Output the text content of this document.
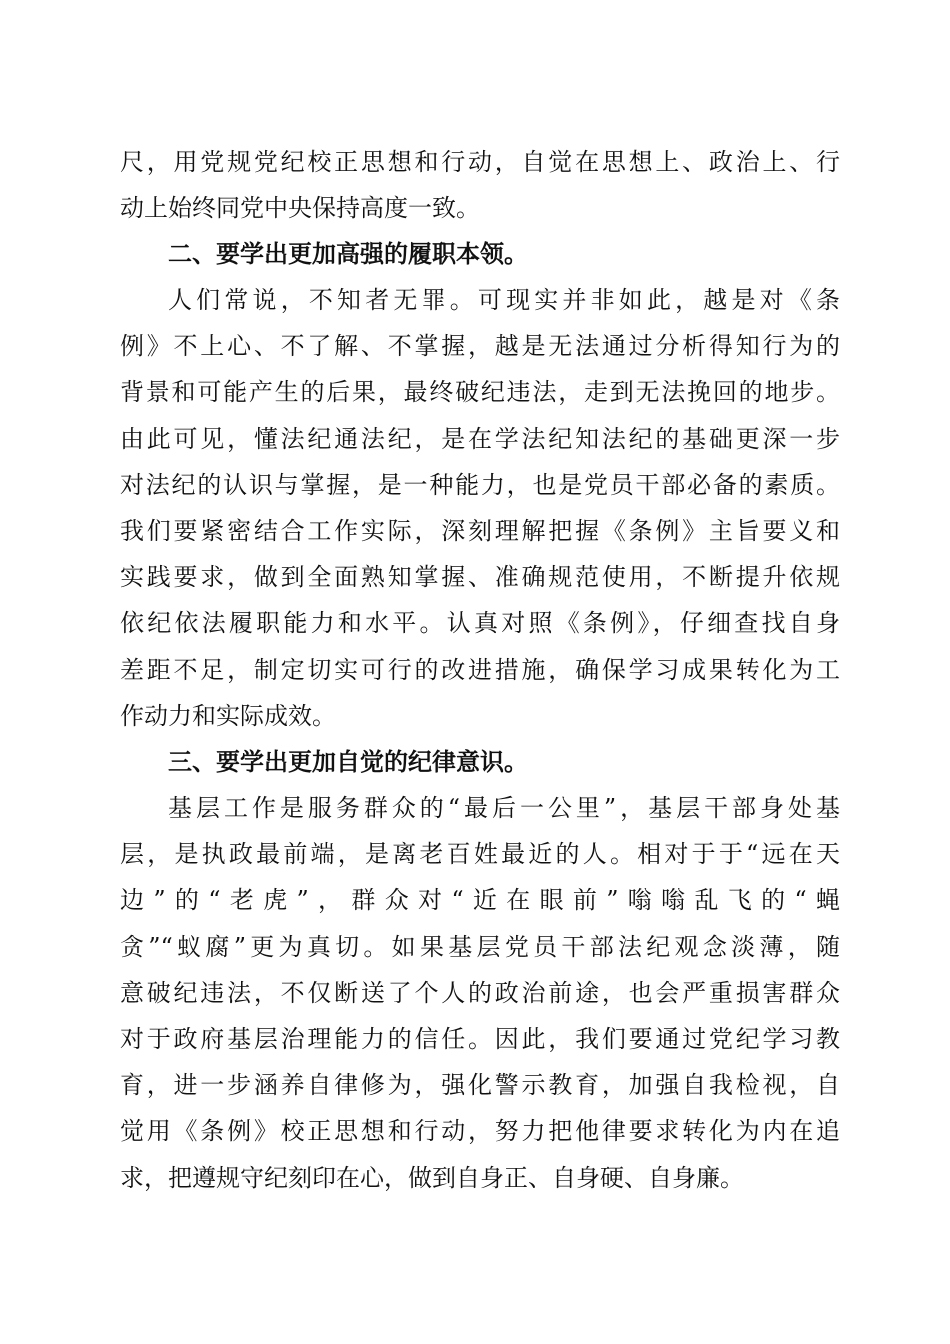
尺，用党规党纪校正思想和行动，自觉在思想上、政治上、行
动上始终同党中央保持高度一致。
二、要学出更加高强的履职本领。
人们常说，不知者无罪。可现实并非如此，越是对《条
例》不上心、不了解、不掌握，越是无法通过分析得知行为的
背景和可能产生的后果，最终破纪违法，走到无法挽回的地步。
由此可见，懂法纪通法纪，是在学法纪知法纪的基础更深一步
对法纪的认识与掌握，是一种能力，也是党员干部必备的素质。
我们要紧密结合工作实际，深刻理解把握《条例》主旨要义和
实践要求，做到全面熟知掌握、准确规范使用，不断提升依规
依纪依法履职能力和水平。认真对照《条例》，仔细查找自身
差距不足，制定切实可行的改进措施，确保学习成果转化为工
作动力和实际成效。
三、要学出更加自觉的纪律意识。
基层工作是服务群众的“最后一公里”，基层干部身处基
层，是执政最前端，是离老百姓最近的人。相对于于“远在天
边”的“老虎”，群众对“近在眼前”嗡嗡乱飞的“蝇
贪”“蚁腐”更为真切。如果基层党员干部法纪观念淡薄，随
意破纪违法，不仅断送了个人的政治前途，也会严重损害群众
对于政府基层治理能力的信任。因此，我们要通过党纪学习教
育，进一步涵养自律修为，强化警示教育，加强自我检视，自
觉用《条例》校正思想和行动，努力把他律要求转化为内在追
求，把遵规守纪刻印在心，做到自身正、自身硬、自身廉。
